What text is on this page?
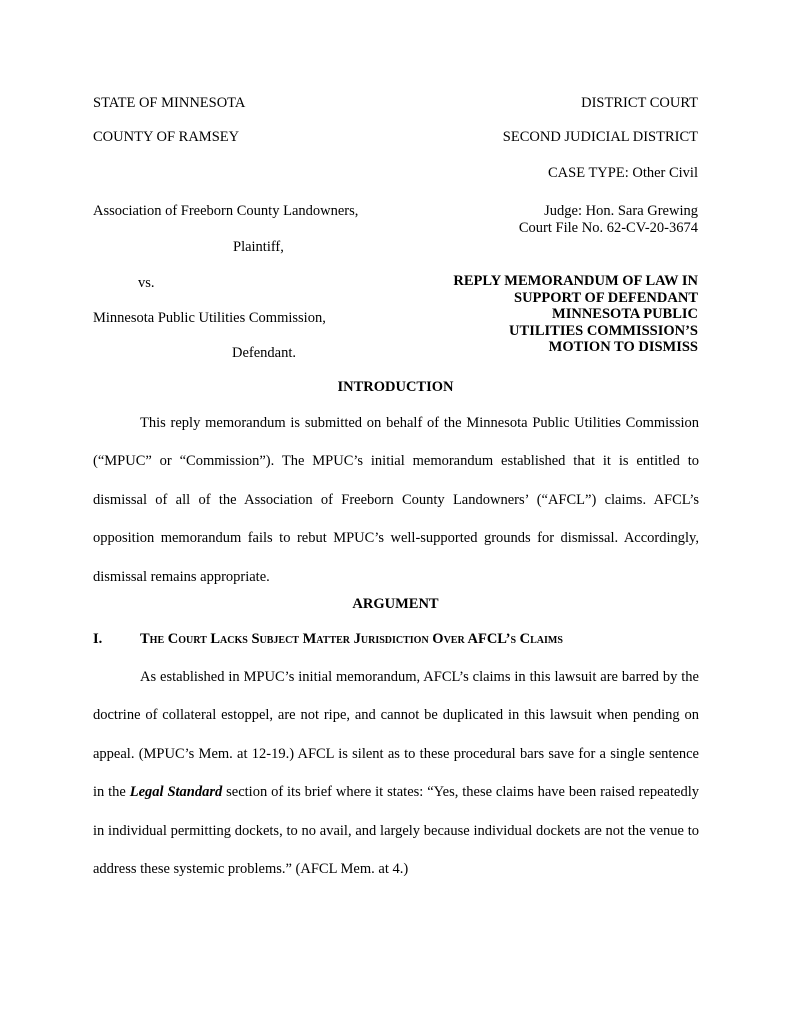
STATE OF MINNESOTA	DISTRICT COURT
COUNTY OF RAMSEY	SECOND JUDICIAL DISTRICT
CASE TYPE: Other Civil
Association of Freeborn County Landowners,	Judge: Hon. Sara Grewing
Plaintiff,
Court File No. 62-CV-20-3674
vs.
Minnesota Public Utilities Commission,
Defendant.
REPLY MEMORANDUM OF LAW IN
SUPPORT OF DEFENDANT
MINNESOTA PUBLIC
UTILITIES COMMISSION’S
MOTION TO DISMISS
INTRODUCTION
This reply memorandum is submitted on behalf of the Minnesota Public Utilities Commission (“MPUC” or “Commission”). The MPUC’s initial memorandum established that it is entitled to dismissal of all of the Association of Freeborn County Landowners’ (“AFCL”) claims. AFCL’s opposition memorandum fails to rebut MPUC’s well-supported grounds for dismissal. Accordingly, dismissal remains appropriate.
ARGUMENT
I.	The Court Lacks Subject Matter Jurisdiction Over AFCL’s Claims
As established in MPUC’s initial memorandum, AFCL’s claims in this lawsuit are barred by the doctrine of collateral estoppel, are not ripe, and cannot be duplicated in this lawsuit when pending on appeal. (MPUC’s Mem. at 12-19.) AFCL is silent as to these procedural bars save for a single sentence in the Legal Standard section of its brief where it states: “Yes, these claims have been raised repeatedly in individual permitting dockets, to no avail, and largely because individual dockets are not the venue to address these systemic problems.” (AFCL Mem. at 4.)
